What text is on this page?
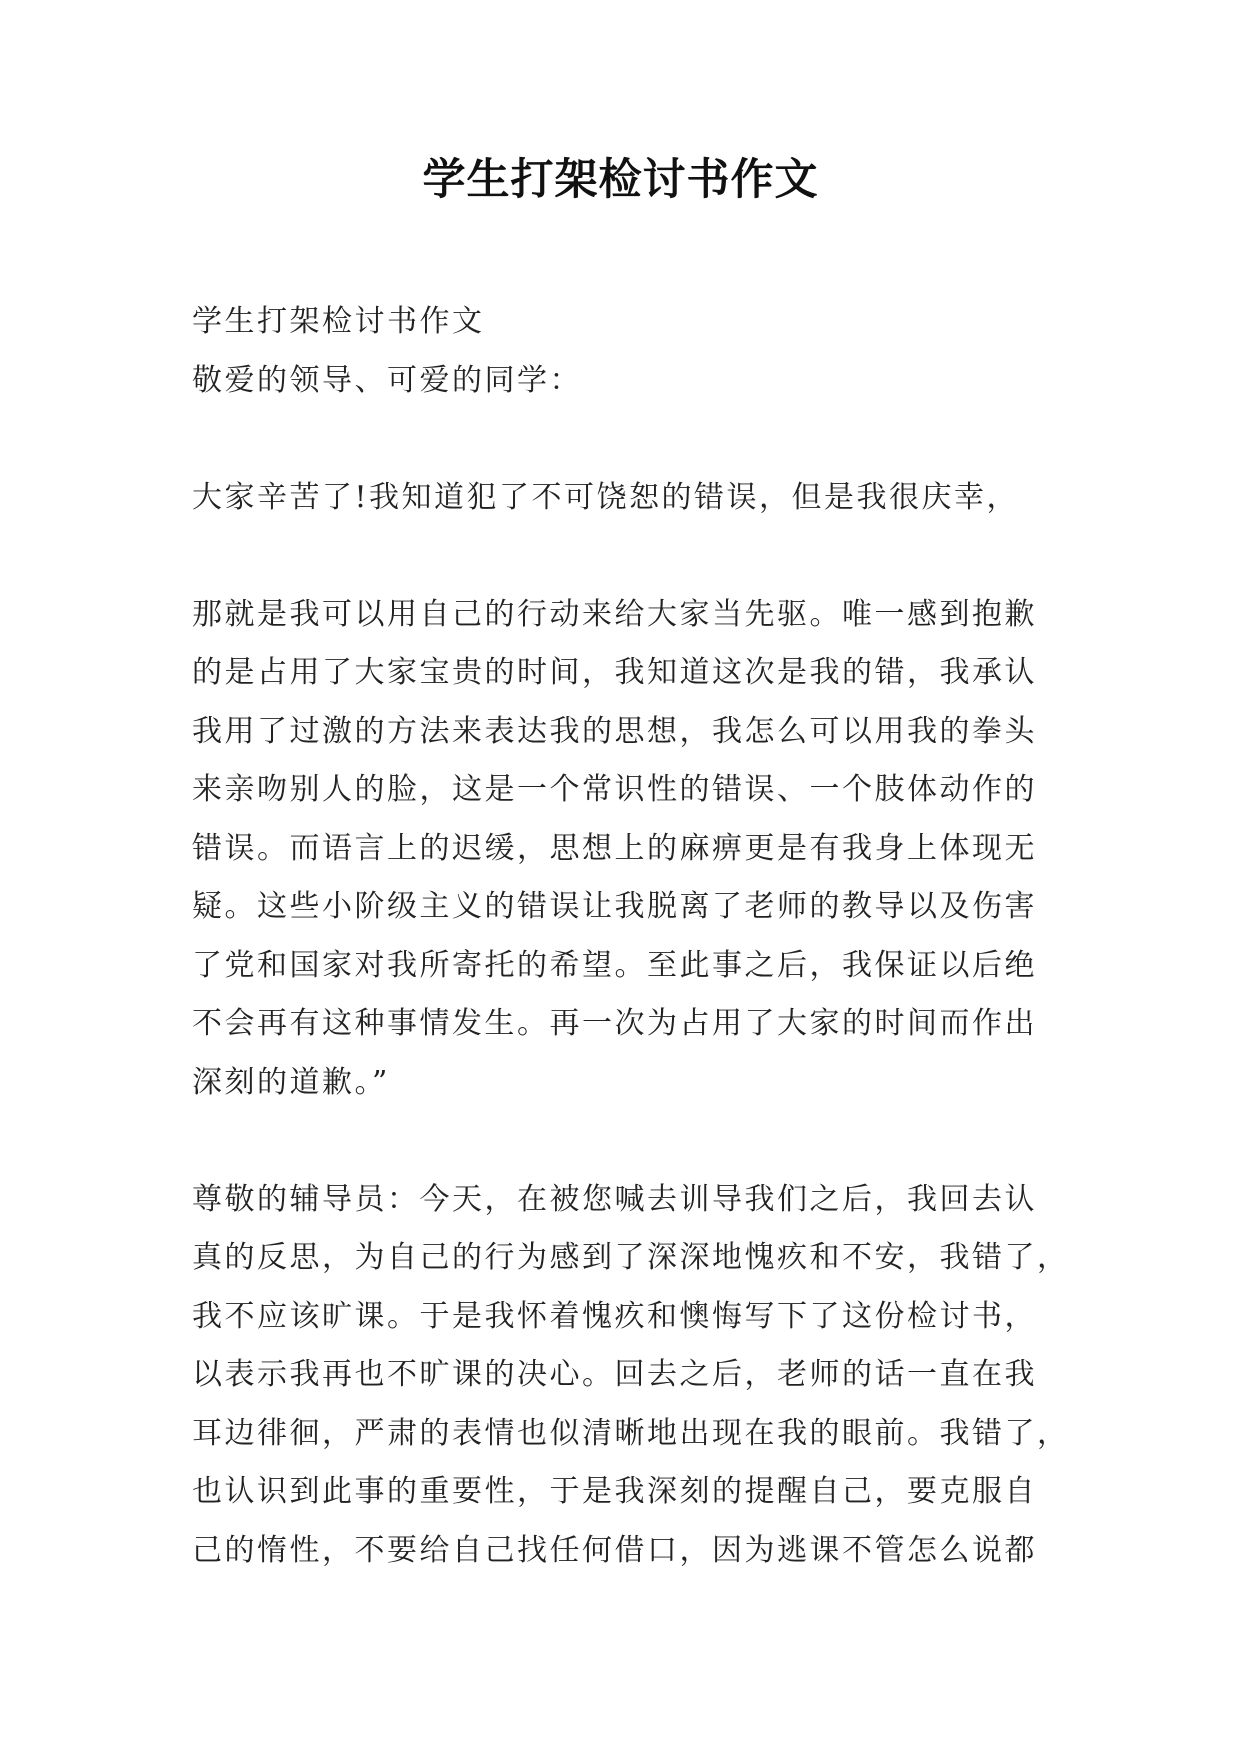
学生打架检讨书作文
学生打架检讨书作文
敬爱的领导、可爱的同学：
大家辛苦了!我知道犯了不可饶恕的错误，但是我很庆幸，
那就是我可以用自己的行动来给大家当先驱。唯一感到抱歉
的是占用了大家宝贵的时间，我知道这次是我的错，我承认
我用了过激的方法来表达我的思想，我怎么可以用我的拳头
来亲吻别人的脸，这是一个常识性的错误、一个肢体动作的
错误。而语言上的迟缓，思想上的麻痹更是有我身上体现无
疑。这些小阶级主义的错误让我脱离了老师的教导以及伤害
了党和国家对我所寄托的希望。至此事之后，我保证以后绝
不会再有这种事情发生。再一次为占用了大家的时间而作出
深刻的道歉。”
尊敬的辅导员：今天，在被您喊去训导我们之后，我回去认
真的反思，为自己的行为感到了深深地愧疚和不安，我错了，
我不应该旷课。于是我怀着愧疚和懊悔写下了这份检讨书，
以表示我再也不旷课的决心。回去之后，老师的话一直在我
耳边徘徊，严肃的表情也似清晰地出现在我的眼前。我错了，
也认识到此事的重要性，于是我深刻的提醒自己，要克服自
己的惰性，不要给自己找任何借口，因为逃课不管怎么说都
